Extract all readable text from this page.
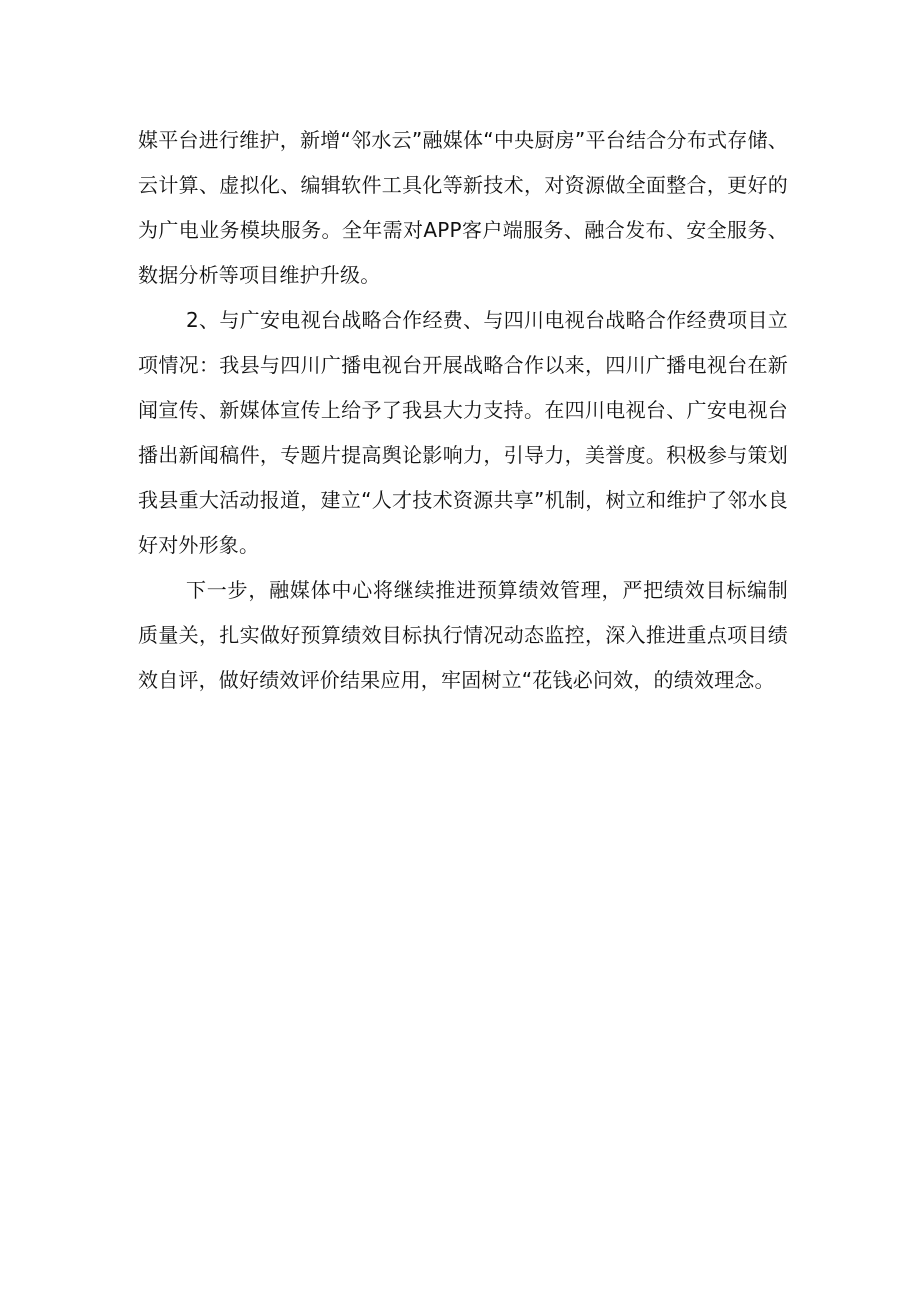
媒平台进行维护，新增“邻水云”融媒体“中央厨房”平台结合分布式存储、云计算、虚拟化、编辑软件工具化等新技术，对资源做全面整合，更好的为广电业务模块服务。全年需对APP客户端服务、融合发布、安全服务、数据分析等项目维护升级。

2、与广安电视台战略合作经费、与四川电视台战略合作经费项目立项情况：我县与四川广播电视台开展战略合作以来，四川广播电视台在新闻宣传、新媒体宣传上给予了我县大力支持。在四川电视台、广安电视台播出新闻稿件，专题片提高舆论影响力，引导力，美誉度。积极参与策划我县重大活动报道，建立“人才技术资源共享”机制，树立和维护了邻水良好对外形象。

下一步，融媒体中心将继续推进预算绩效管理，严把绩效目标编制质量关，扎实做好预算绩效目标执行情况动态监控，深入推进重点项目绩效自评，做好绩效评价结果应用，牢固树立“花钱必问效，的绩效理念。
